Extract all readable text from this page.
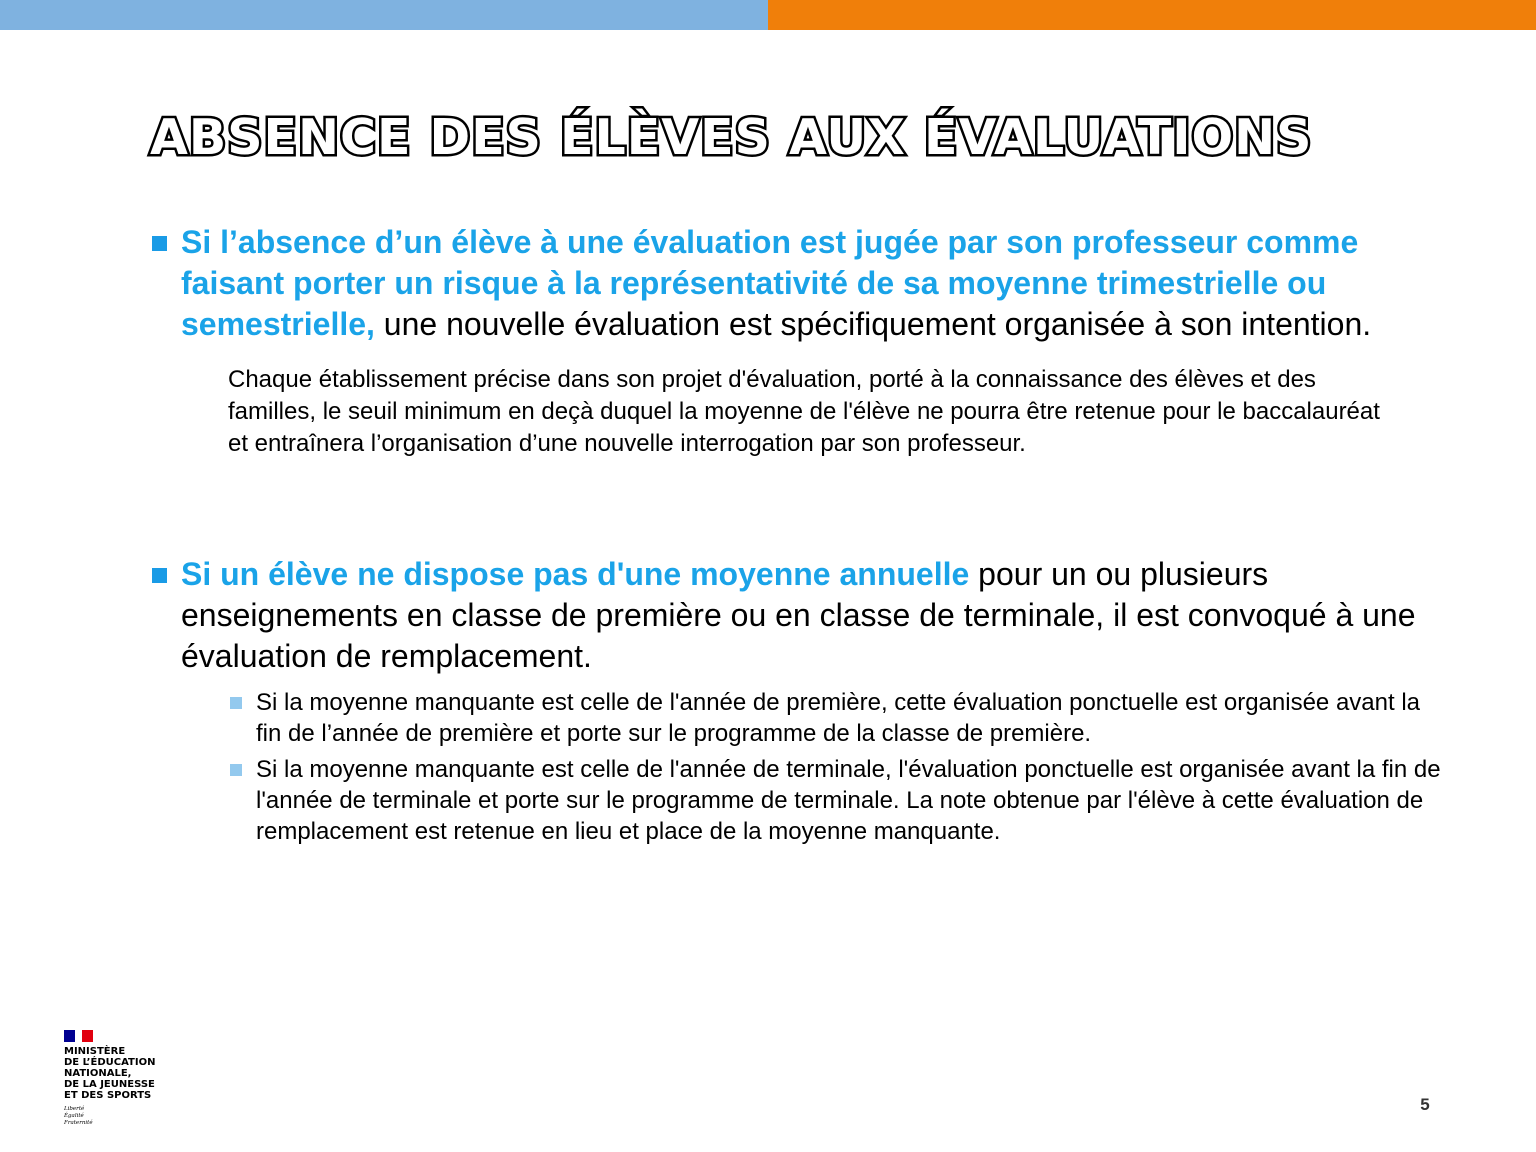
ABSENCE DES ÉLÈVES AUX ÉVALUATIONS
Si l’absence d’un élève à une évaluation est jugée par son professeur comme faisant porter un risque à la représentativité de sa moyenne trimestrielle ou semestrielle, une nouvelle évaluation est spécifiquement organisée à son intention.
Chaque établissement précise dans son projet d'évaluation, porté à la connaissance des élèves et des familles, le seuil minimum en deçà duquel la moyenne de l'élève ne pourra être retenue pour le baccalauréat et entraînera l’organisation d’une nouvelle interrogation par son professeur.
Si un élève ne dispose pas d'une moyenne annuelle pour un ou plusieurs enseignements en classe de première ou en classe de terminale, il est convoqué à une évaluation de remplacement.
Si la moyenne manquante est celle de l'année de première, cette évaluation ponctuelle est organisée avant la fin de l’année de première et porte sur le programme de la classe de première.
Si la moyenne manquante est celle de l'année de terminale, l'évaluation ponctuelle est organisée avant la fin de l'année de terminale et porte sur le programme de terminale. La note obtenue par l'élève à cette évaluation de remplacement est retenue en lieu et place de la moyenne manquante.
MINISTÈRE
DE L’ÉDUCATION
NATIONALE,
DE LA JEUNESSE
ET DES SPORTS
Liberté
Égalité
Fraternité
5
